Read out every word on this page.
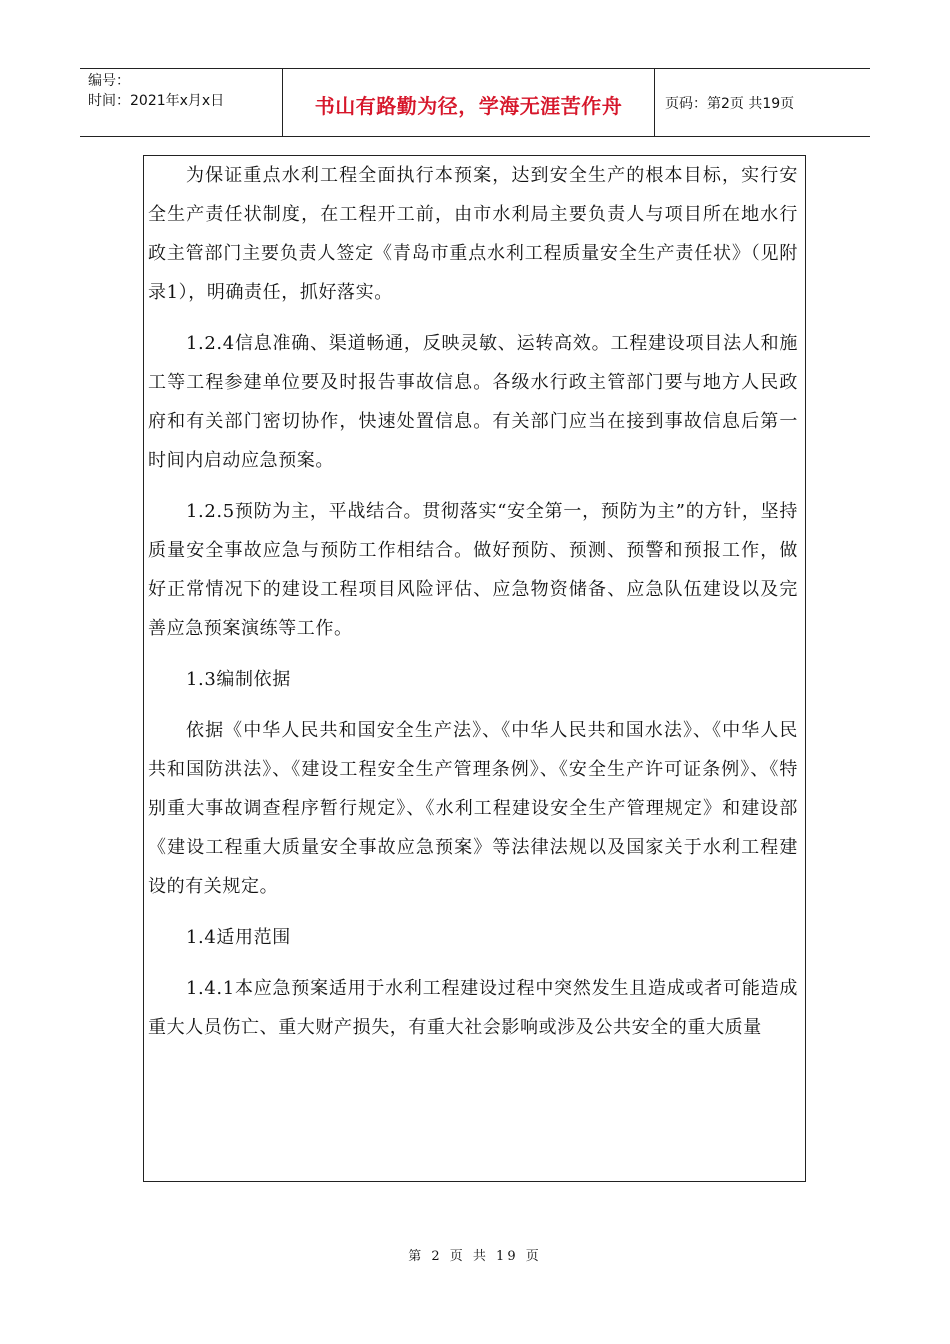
编号：
时间：2021年x月x日	书山有路勤为径，学海无涯苦作舟	页码：第2页 共19页

为保证重点水利工程全面执行本预案，达到安全生产的根本目标，实行安全生产责任状制度，在工程开工前，由市水利局主要负责人与项目所在地水行政主管部门主要负责人签定《青岛市重点水利工程质量安全生产责任状》（见附录1），明确责任，抓好落实。

1.2.4信息准确、渠道畅通，反映灵敏、运转高效。工程建设项目法人和施工等工程参建单位要及时报告事故信息。各级水行政主管部门要与地方人民政府和有关部门密切协作，快速处置信息。有关部门应当在接到事故信息后第一时间内启动应急预案。

1.2.5预防为主，平战结合。贯彻落实“安全第一，预防为主”的方针，坚持质量安全事故应急与预防工作相结合。做好预防、预测、预警和预报工作，做好正常情况下的建设工程项目风险评估、应急物资储备、应急队伍建设以及完善应急预案演练等工作。

1.3编制依据

依据《中华人民共和国安全生产法》、《中华人民共和国水法》、《中华人民共和国防洪法》、《建设工程安全生产管理条例》、《安全生产许可证条例》、《特别重大事故调查程序暂行规定》、《水利工程建设安全生产管理规定》和建设部《建设工程重大质量安全事故应急预案》等法律法规以及国家关于水利工程建设的有关规定。

1.4适用范围

1.4.1本应急预案适用于水利工程建设过程中突然发生且造成或者可能造成重大人员伤亡、重大财产损失，有重大社会影响或涉及公共安全的重大质量

第 2 页 共 19 页
